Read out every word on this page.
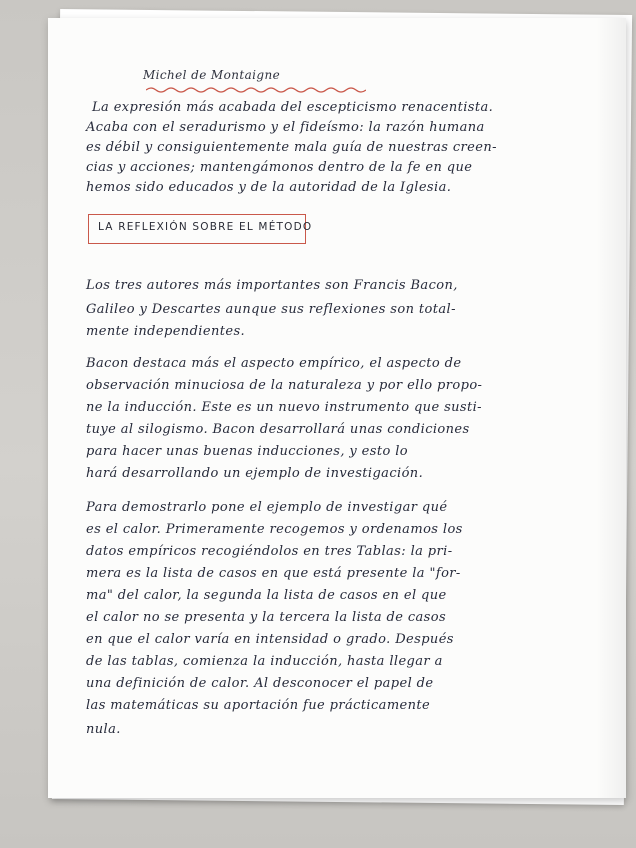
Michel de Montaigne

La expresión más acabada del escepticismo renacentista.

Acaba con el seradurismo y el fideísmo: la razón humana

es débil y consiguientemente mala guía de nuestras creen-

cias y acciones; mantengámonos dentro de la fe en que

hemos sido educados y de la autoridad de la Iglesia.

LA REFLEXIÓN SOBRE EL MÉTODO

Los tres autores más importantes son Francis Bacon,

Galileo y Descartes aunque sus reflexiones son total-

mente independientes.

Bacon destaca más el aspecto empírico, el aspecto de

observación minuciosa de la naturaleza y por ello propo-

ne la inducción. Este es un nuevo instrumento que susti-

tuye al silogismo. Bacon desarrollará unas condiciones

para hacer unas buenas inducciones, y esto lo

hará desarrollando un ejemplo de investigación.

Para demostrarlo pone el ejemplo de investigar qué

es el calor. Primeramente recogemos y ordenamos los

datos empíricos recogiéndolos en tres Tablas: la pri-

mera es la lista de casos en que está presente la "for-

ma" del calor, la segunda la lista de casos en el que

el calor no se presenta y la tercera la lista de casos

en que el calor varía en intensidad o grado. Después

de las tablas, comienza la inducción, hasta llegar a

una definición de calor. Al desconocer el papel de

las matemáticas su aportación fue prácticamente

nula.
